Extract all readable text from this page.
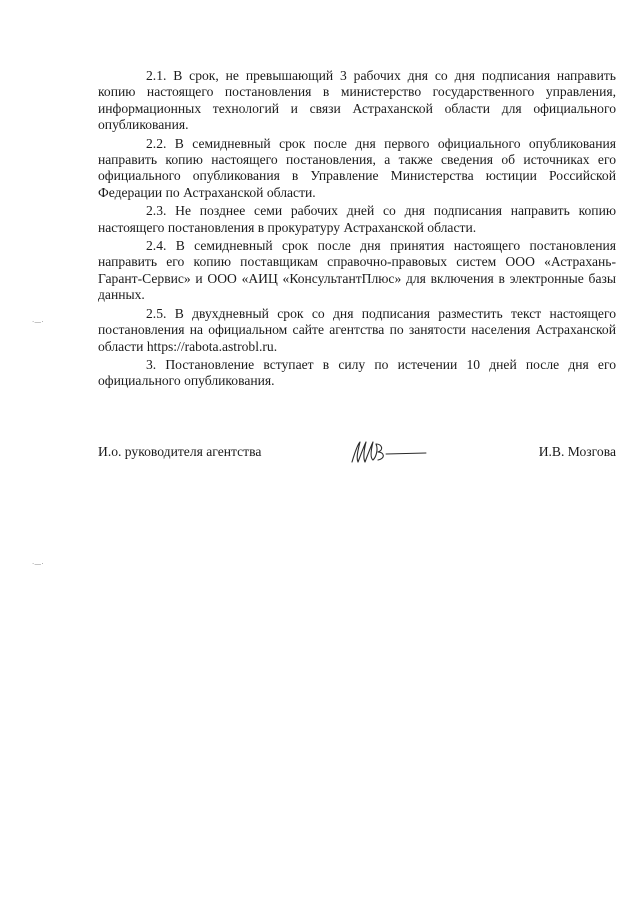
2.1. В срок, не превышающий 3 рабочих дня со дня подписания направить копию настоящего постановления в министерство государственного управления, информационных технологий и связи Астраханской области для официального опубликования.

2.2. В семидневный срок после дня первого официального опубликования направить копию настоящего постановления, а также сведения об источниках его официального опубликования в Управление Министерства юстиции Российской Федерации по Астраханской области.

2.3. Не позднее семи рабочих дней со дня подписания направить копию настоящего постановления в прокуратуру Астраханской области.

2.4. В семидневный срок после дня принятия настоящего постановления направить его копию поставщикам справочно-правовых систем ООО «Астрахань-Гарант-Сервис» и ООО «АИЦ «КонсультантПлюс» для включения в электронные базы данных.

2.5. В двухдневный срок со дня подписания разместить текст настоящего постановления на официальном сайте агентства по занятости населения Астраханской области https://rabota.astrobl.ru.

3. Постановление вступает в силу по истечении 10 дней после дня его официального опубликования.

И.о. руководителя агентства	И.В. Мозгова
·—·
·—·
